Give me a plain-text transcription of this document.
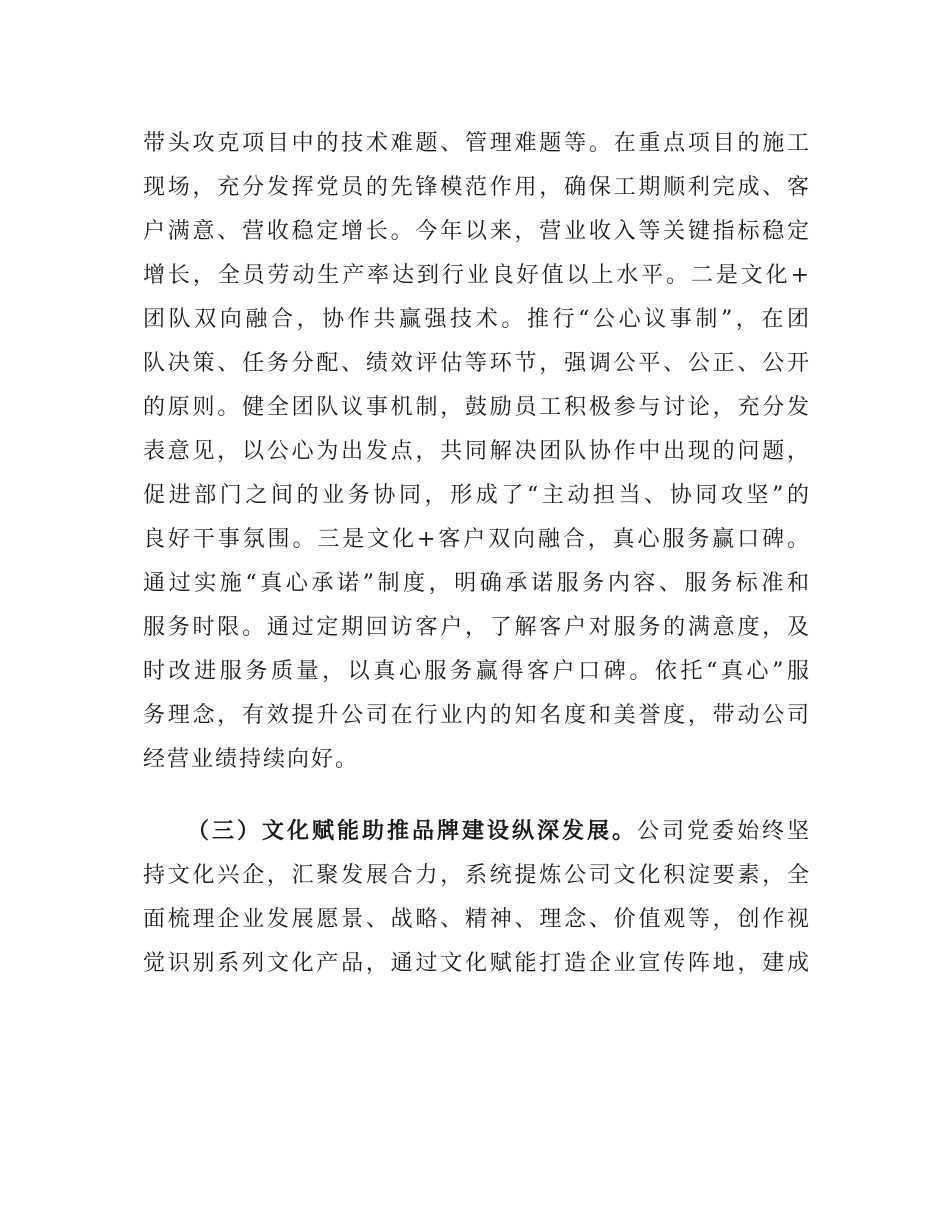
带头攻克项目中的技术难题、管理难题等。在重点项目的施工
现场，充分发挥党员的先锋模范作用，确保工期顺利完成、客
户满意、营收稳定增长。今年以来，营业收入等关键指标稳定
增长，全员劳动生产率达到行业良好值以上水平。二是文化+
团队双向融合，协作共赢强技术。推行“公心议事制”，在团
队决策、任务分配、绩效评估等环节，强调公平、公正、公开
的原则。健全团队议事机制，鼓励员工积极参与讨论，充分发
表意见，以公心为出发点，共同解决团队协作中出现的问题，
促进部门之间的业务协同，形成了“主动担当、协同攻坚”的
良好干事氛围。三是文化+客户双向融合，真心服务赢口碑。
通过实施“真心承诺”制度，明确承诺服务内容、服务标准和
服务时限。通过定期回访客户，了解客户对服务的满意度，及
时改进服务质量，以真心服务赢得客户口碑。依托“真心”服
务理念，有效提升公司在行业内的知名度和美誉度，带动公司
经营业绩持续向好。
（三）文化赋能助推品牌建设纵深发展。公司党委始终坚
持文化兴企，汇聚发展合力，系统提炼公司文化积淀要素，全
面梳理企业发展愿景、战略、精神、理念、价值观等，创作视
觉识别系列文化产品，通过文化赋能打造企业宣传阵地，建成
